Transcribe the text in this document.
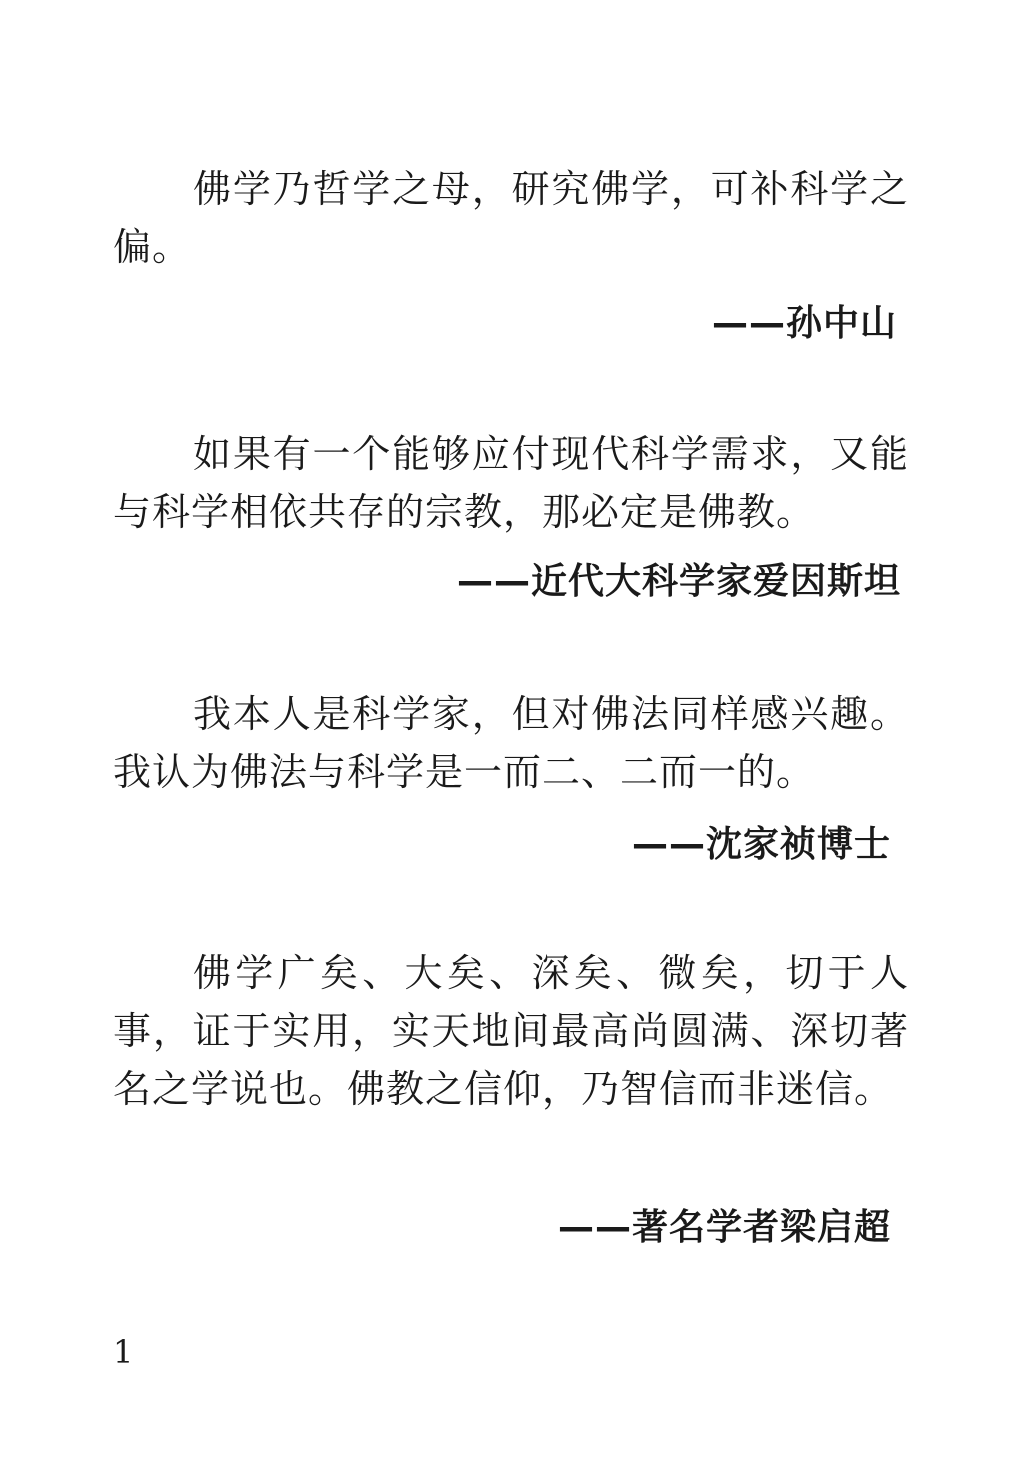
佛学乃哲学之母，研究佛学，可补科学之偏。

——孙中山

如果有一个能够应付现代科学需求，又能与科学相依共存的宗教，那必定是佛教。

——近代大科学家爱因斯坦

我本人是科学家，但对佛法同样感兴趣。我认为佛法与科学是一而二、二而一的。

——沈家祯博士

佛学广矣、大矣、深矣、微矣，切于人事，证于实用，实天地间最高尚圆满、深切著名之学说也。佛教之信仰，乃智信而非迷信。

——著名学者梁启超

1
